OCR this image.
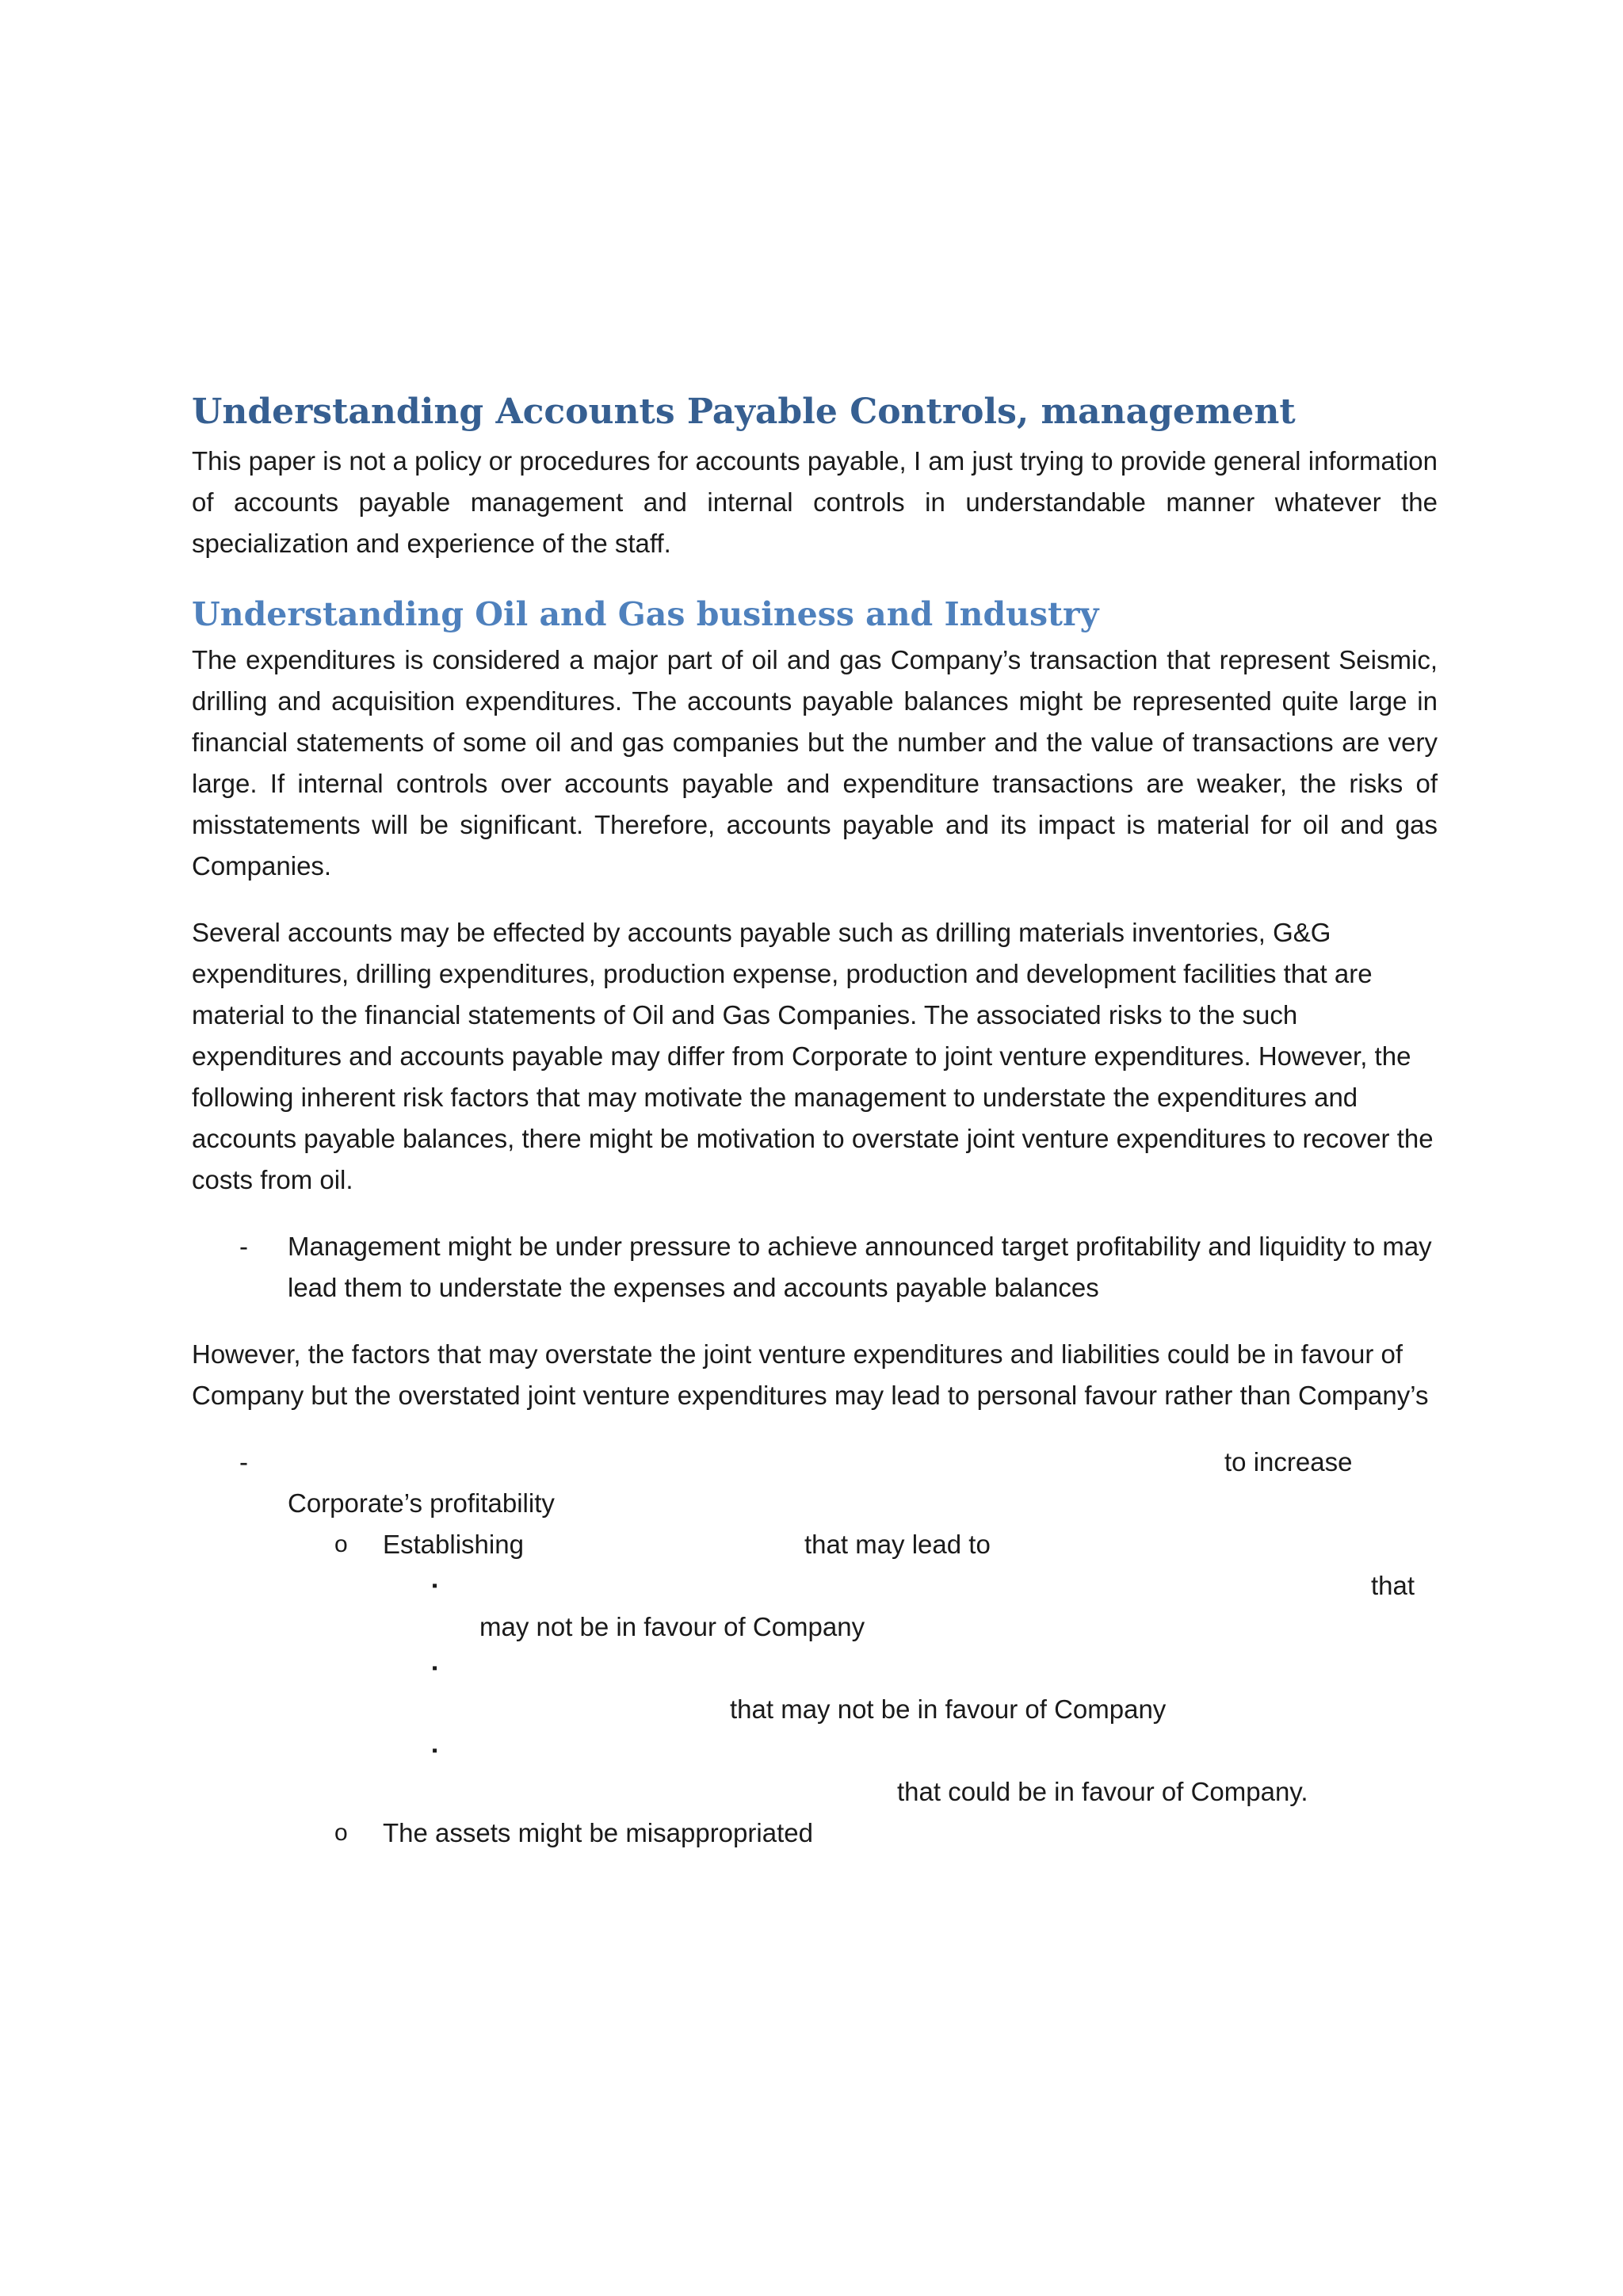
Understanding Accounts Payable Controls, management

This paper is not a policy or procedures for accounts payable, I am just trying to provide general information of accounts payable management and internal controls in understandable manner whatever the specialization and experience of the staff.

Understanding Oil and Gas business and Industry

The expenditures is considered a major part of oil and gas Company’s transaction that represent Seismic, drilling and acquisition expenditures. The accounts payable balances might be represented quite large in financial statements of some oil and gas companies but the number and the value of transactions are very large. If internal controls over accounts payable and expenditure transactions are weaker, the risks of misstatements will be significant. Therefore, accounts payable and its impact is material for oil and gas Companies.

Several accounts may be effected by accounts payable such as drilling materials inventories, G&G expenditures, drilling expenditures, production expense, production and development facilities that are material to the financial statements of Oil and Gas Companies. The associated risks to the such expenditures and accounts payable may differ from Corporate to joint venture expenditures. However, the following inherent risk factors that may motivate the management to understate the expenditures and accounts payable balances, there might be motivation to overstate joint venture expenditures to recover the costs from oil.

- Management might be under pressure to achieve announced target profitability and liquidity to may lead them to understate the expenses and accounts payable balances

However, the factors that may overstate the joint venture expenditures and liabilities could be in favour of Company but the overstated joint venture expenditures may lead to personal favour rather than Company’s

-	to increase
Corporate’s profitability
o Establishing	that may lead to
▪	that
may not be in favour of Company
▪
that may not be in favour of Company
▪
that could be in favour of Company.
o The assets might be misappropriated
